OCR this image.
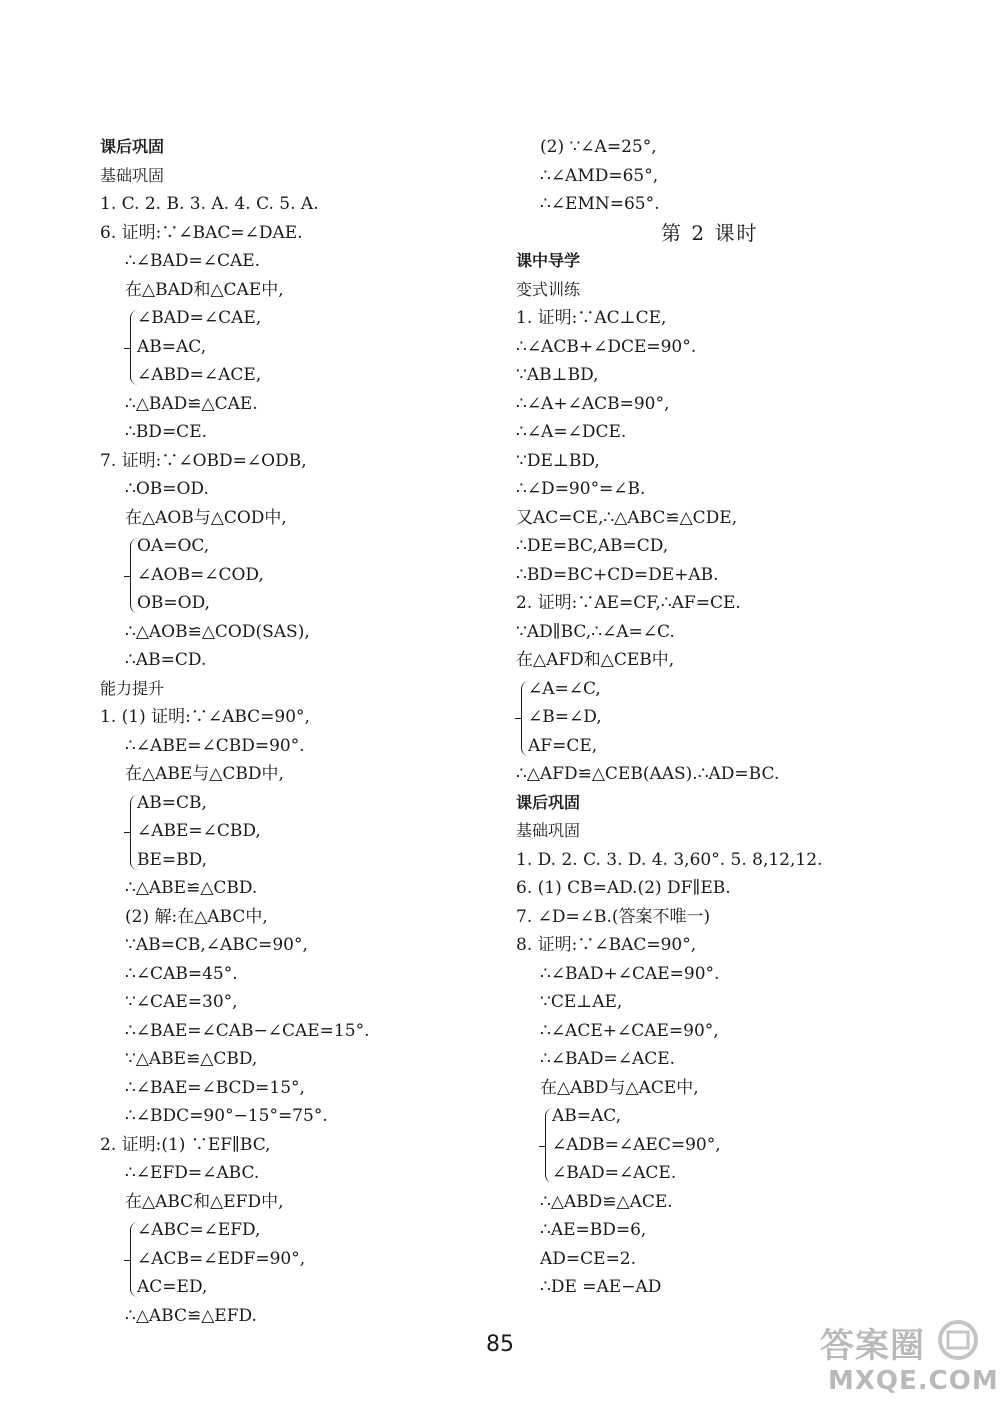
课后巩固
基础巩固
1. C. 2. B. 3. A. 4. C. 5. A.
6. 证明:∵∠BAC=∠DAE.
∴∠BAD=∠CAE.
在△BAD和△CAE中,
∠BAD=∠CAE,
AB=AC,
∠ABD=∠ACE,
∴△BAD≌△CAE.
∴BD=CE.
7. 证明:∵∠OBD=∠ODB,
∴OB=OD.
在△AOB与△COD中,
OA=OC,
∠AOB=∠COD,
OB=OD,
∴△AOB≌△COD(SAS),
∴AB=CD.
能力提升
1. (1) 证明:∵∠ABC=90°,
∴∠ABE=∠CBD=90°.
在△ABE与△CBD中,
AB=CB,
∠ABE=∠CBD,
BE=BD,
∴△ABE≌△CBD.
(2) 解:在△ABC中,
∵AB=CB,∠ABC=90°,
∴∠CAB=45°.
∵∠CAE=30°,
∴∠BAE=∠CAB−∠CAE=15°.
∵△ABE≌△CBD,
∴∠BAE=∠BCD=15°,
∴∠BDC=90°−15°=75°.
2. 证明:(1) ∵EF∥BC,
∴∠EFD=∠ABC.
在△ABC和△EFD中,
∠ABC=∠EFD,
∠ACB=∠EDF=90°,
AC=ED,
∴△ABC≌△EFD.
(2) ∵∠A=25°,
∴∠AMD=65°,
∴∠EMN=65°.
第 2 课时
课中导学
变式训练
1. 证明:∵AC⊥CE,
∴∠ACB+∠DCE=90°.
∵AB⊥BD,
∴∠A+∠ACB=90°,
∴∠A=∠DCE.
∵DE⊥BD,
∴∠D=90°=∠B.
又AC=CE,∴△ABC≌△CDE,
∴DE=BC,AB=CD,
∴BD=BC+CD=DE+AB.
2. 证明:∵AE=CF,∴AF=CE.
∵AD∥BC,∴∠A=∠C.
在△AFD和△CEB中,
∠A=∠C,
∠B=∠D,
AF=CE,
∴△AFD≌△CEB(AAS).∴AD=BC.
课后巩固
基础巩固
1. D. 2. C. 3. D. 4. 3,60°. 5. 8,12,12.
6. (1) CB=AD.(2) DF∥EB.
7. ∠D=∠B.(答案不唯一)
8. 证明:∵∠BAC=90°,
∴∠BAD+∠CAE=90°.
∵CE⊥AE,
∴∠ACE+∠CAE=90°,
∴∠BAD=∠ACE.
在△ABD与△ACE中,
AB=AC,
∠ADB=∠AEC=90°,
∠BAD=∠ACE.
∴△ABD≌△ACE.
∴AE=BD=6,
AD=CE=2.
∴DE =AE−AD
85	答案圈
MXQE.COM
